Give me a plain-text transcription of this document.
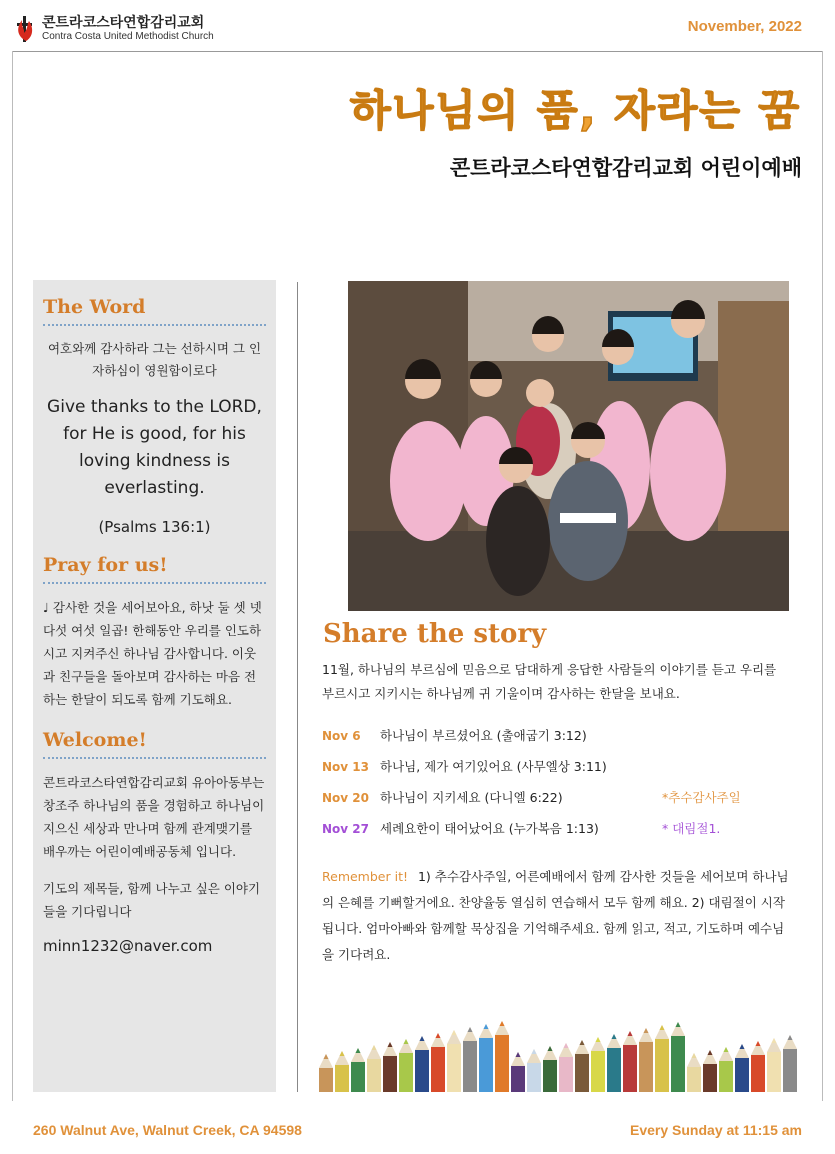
콘트라코스타연합감리교회
Contra Costa United Methodist Church
November, 2022
하나님의 품, 자라는 꿈
콘트라코스타연합감리교회 어린이예배
The Word

여호와께 감사하라 그는 선하시며 그 인자하심이 영원함이로다

Give thanks to the LORD, for He is good, for his loving kindness is everlasting.

(Psalms 136:1)

Pray for us!

♩ 감사한 것을 세어보아요, 하낫 둘 셋 넷 다섯 여섯 일곱! 한해동안 우리를 인도하시고 지켜주신 하나님 감사합니다. 이웃과 친구들을 돌아보며 감사하는 마음 전하는 한달이 되도록 함께 기도해요.

Welcome!

콘트라코스타연합감리교회 유아아동부는 창조주 하나님의 품을 경험하고 하나님이 지으신 세상과 만나며 함께 관계맺기를 배우까는 어린이예배공동체 입니다.

기도의 제목들, 함께 나누고 싶은 이야기들을 기다립니다

minn1232@naver.com

Share the story

11월, 하나님의 부르심에 믿음으로 담대하게 응답한 사람들의 이야기를 듣고 우리를 부르시고 지키시는 하나님께 귀 기울이며 감사하는 한달을 보내요.

Nov 6 하나님이 부르셨어요 (출애굽기 3:12)
Nov 13 하나님, 제가 여기있어요 (사무엘상 3:11)
Nov 20 하나님이 지키세요 (다니엘 6:22)	*추수감사주일
Nov 27 세례요한이 태어났어요 (누가복음 1:13)	* 대림절1.

Remember it! 1) 추수감사주일, 어른예배에서 함께 감사한 것들을 세어보며 하나님의 은혜를 기뻐할거에요. 찬양율동 열심히 연습해서 모두 함께 해요. 2) 대림절이 시작됩니다. 엄마아빠와 함께할 묵상집을 기억해주세요. 함께 읽고, 적고, 기도하며 예수님을 기다려요.

260 Walnut Ave, Walnut Creek, CA 94598	Every Sunday at 11:15 am
